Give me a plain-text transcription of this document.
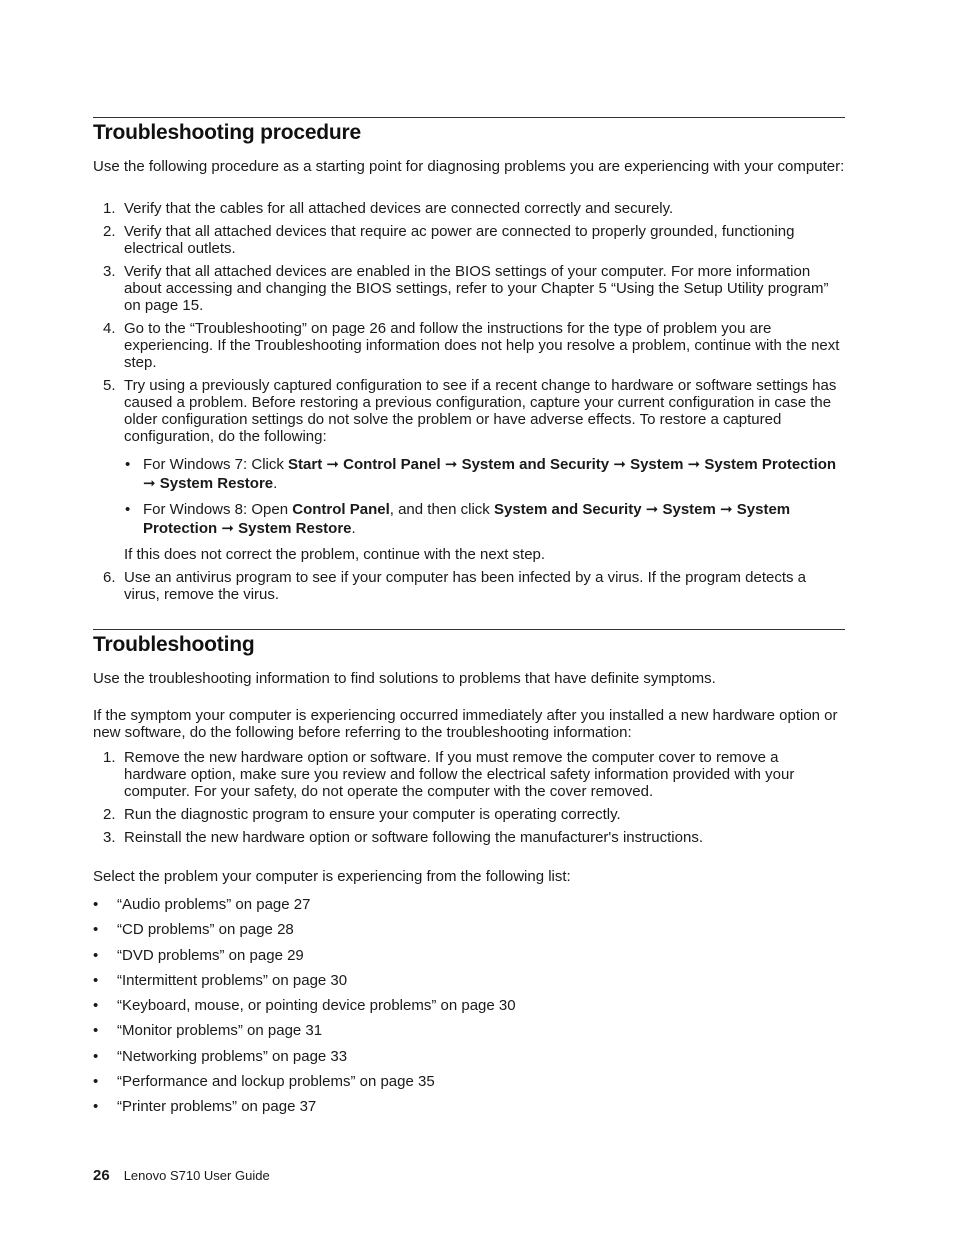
Troubleshooting procedure

Use the following procedure as a starting point for diagnosing problems you are experiencing with your computer:

1. Verify that the cables for all attached devices are connected correctly and securely.
2. Verify that all attached devices that require ac power are connected to properly grounded, functioning electrical outlets.
3. Verify that all attached devices are enabled in the BIOS settings of your computer. For more information about accessing and changing the BIOS settings, refer to your Chapter 5 “Using the Setup Utility program” on page 15.
4. Go to the “Troubleshooting” on page 26 and follow the instructions for the type of problem you are experiencing. If the Troubleshooting information does not help you resolve a problem, continue with the next step.
5. Try using a previously captured configuration to see if a recent change to hardware or software settings has caused a problem. Before restoring a previous configuration, capture your current configuration in case the older configuration settings do not solve the problem or have adverse effects. To restore a captured configuration, do the following:
• For Windows 7: Click Start ➞ Control Panel ➞ System and Security ➞ System ➞ System Protection ➞ System Restore.
• For Windows 8: Open Control Panel, and then click System and Security ➞ System ➞ System Protection ➞ System Restore.
If this does not correct the problem, continue with the next step.
6. Use an antivirus program to see if your computer has been infected by a virus. If the program detects a virus, remove the virus.
Troubleshooting

Use the troubleshooting information to find solutions to problems that have definite symptoms.

If the symptom your computer is experiencing occurred immediately after you installed a new hardware option or new software, do the following before referring to the troubleshooting information:

1. Remove the new hardware option or software. If you must remove the computer cover to remove a hardware option, make sure you review and follow the electrical safety information provided with your computer. For your safety, do not operate the computer with the cover removed.
2. Run the diagnostic program to ensure your computer is operating correctly.
3. Reinstall the new hardware option or software following the manufacturer's instructions.

Select the problem your computer is experiencing from the following list:

• “Audio problems” on page 27
• “CD problems” on page 28
• “DVD problems” on page 29
• “Intermittent problems” on page 30
• “Keyboard, mouse, or pointing device problems” on page 30
• “Monitor problems” on page 31
• “Networking problems” on page 33
• “Performance and lockup problems” on page 35
• “Printer problems” on page 37
26 Lenovo S710 User Guide
